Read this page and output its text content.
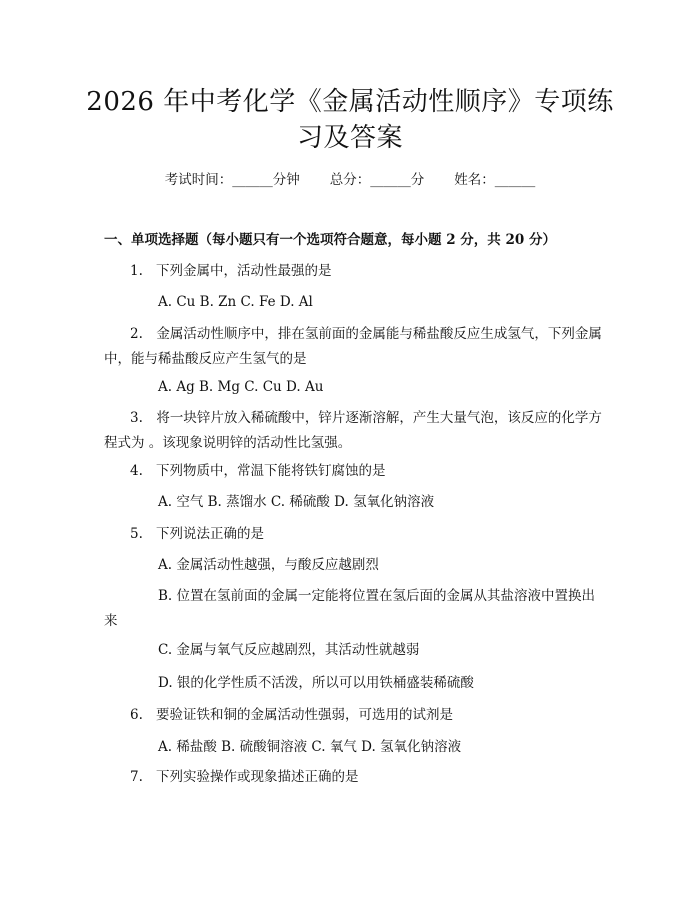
2026 年中考化学《金属活动性顺序》专项练
习及答案
考试时间：______分钟 总分：______分 姓名：______
一、单项选择题（每小题只有一个选项符合题意，每小题 2 分，共 20 分）
1. 下列金属中，活动性最强的是
A. Cu B. Zn C. Fe D. Al
2.　金属活动性顺序中，排在氢前面的金属能与稀盐酸反应生成氢气，下列金属中，能与稀盐酸反应产生氢气的是
A. Ag B. Mg C. Cu D. Au
3.　将一块锌片放入稀硫酸中，锌片逐渐溶解，产生大量气泡，该反应的化学方程式为 。该现象说明锌的活动性比氢强。
4. 下列物质中，常温下能将铁钉腐蚀的是
A. 空气 B. 蒸馏水 C. 稀硫酸 D. 氢氧化钠溶液
5. 下列说法正确的是
A. 金属活动性越强，与酸反应越剧烈
B. 位置在氢前面的金属一定能将位置在氢后面的金属从其盐溶液中置换出来
C. 金属与氧气反应越剧烈，其活动性就越弱
D. 银的化学性质不活泼，所以可以用铁桶盛装稀硫酸
6. 要验证铁和铜的金属活动性强弱，可选用的试剂是
A. 稀盐酸 B. 硫酸铜溶液 C. 氧气 D. 氢氧化钠溶液
7. 下列实验操作或现象描述正确的是
